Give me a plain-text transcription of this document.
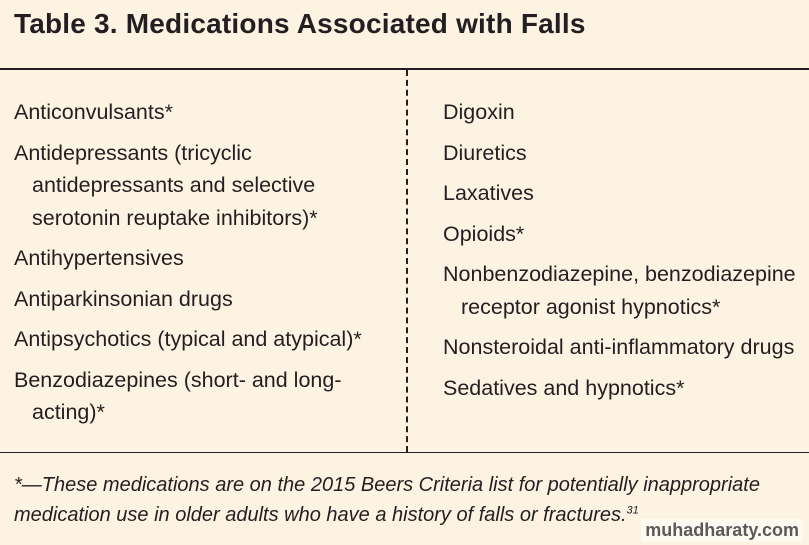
Table 3. Medications Associated with Falls
Anticonvulsants*
Antidepressants (tricyclic
antidepressants and selective
serotonin reuptake inhibitors)*
Antihypertensives
Antiparkinsonian drugs
Antipsychotics (typical and atypical)*
Benzodiazepines (short- and long-
acting)*
Digoxin
Diuretics
Laxatives
Opioids*
Nonbenzodiazepine, benzodiazepine
receptor agonist hypnotics*
Nonsteroidal anti-inflammatory drugs
Sedatives and hypnotics*
*—These medications are on the 2015 Beers Criteria list for potentially inappropriate medication use in older adults who have a history of falls or fractures.$^{31}$
muhadharaty.com
